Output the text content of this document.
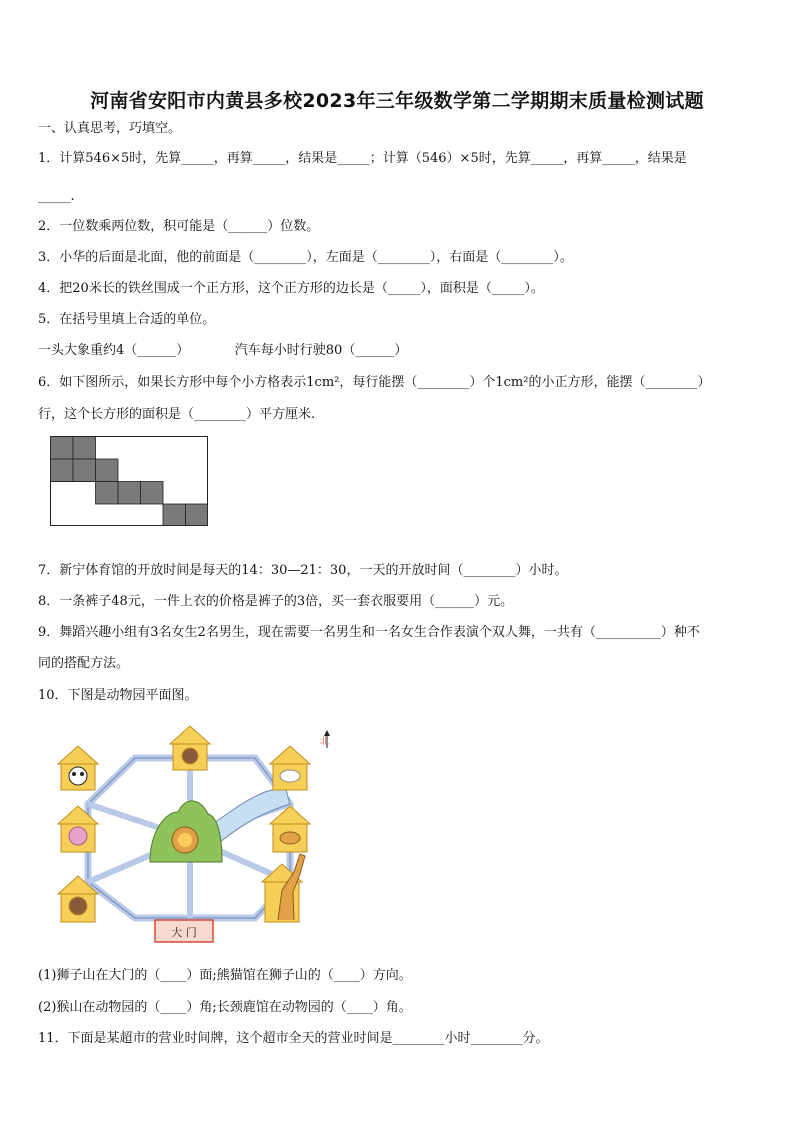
河南省安阳市内黄县多校2023年三年级数学第二学期期末质量检测试题
一、认真思考，巧填空。
1．计算546×5时，先算_____，再算_____，结果是_____；计算（546）×5时，先算_____，再算_____，结果是
_____.
2．一位数乘两位数，积可能是（______）位数。
3．小华的后面是北面，他的前面是（________），左面是（________），右面是（________）。
4．把20米长的铁丝围成一个正方形，这个正方形的边长是（_____），面积是（_____）。
5．在括号里填上合适的单位。
一头大象重约4（______）　　　　汽车每小时行驶80（______）
6．如下图所示，如果长方形中每个小方格表示1cm²，每行能摆（________）个1cm²的小正方形，能摆（________）
行，这个长方形的面积是（________）平方厘米.
7．新宁体育馆的开放时间是每天的14：30—21：30，一天的开放时间（________）小时。
8．一条裤子48元，一件上衣的价格是裤子的3倍，买一套衣服要用（______）元。
9．舞蹈兴趣小组有3名女生2名男生，现在需要一名男生和一名女生合作表演个双人舞，一共有（__________）种不
同的搭配方法。
10．下图是动物园平面图。
大 门
北
(1)狮子山在大门的（____）面;熊猫馆在狮子山的（____）方向。
(2)猴山在动物园的（____）角;长颈鹿馆在动物园的（____）角。
11．下面是某超市的营业时间牌，这个超市全天的营业时间是________小时________分。
